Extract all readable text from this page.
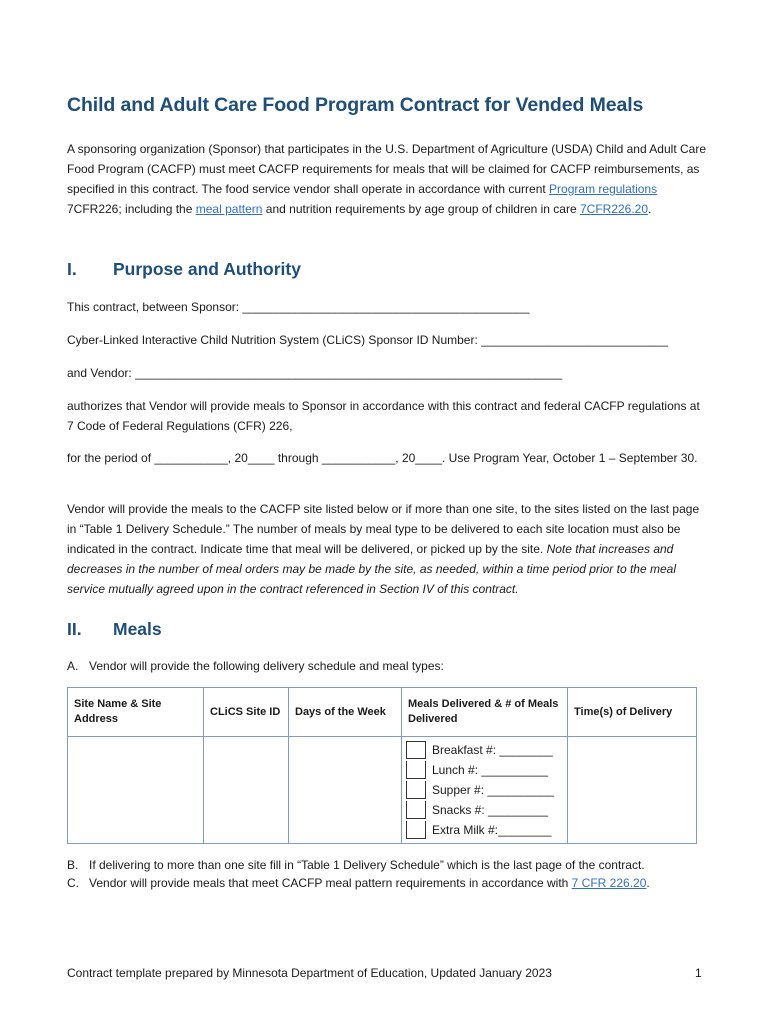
Child and Adult Care Food Program Contract for Vended Meals

A sponsoring organization (Sponsor) that participates in the U.S. Department of Agriculture (USDA) Child and Adult Care Food Program (CACFP) must meet CACFP requirements for meals that will be claimed for CACFP reimbursements, as specified in this contract. The food service vendor shall operate in accordance with current Program regulations 7CFR226; including the meal pattern and nutrition requirements by age group of children in care 7CFR226.20.

I. Purpose and Authority
This contract, between Sponsor: ___________________________________________
Cyber-Linked Interactive Child Nutrition System (CLiCS) Sponsor ID Number: ____________________________
and Vendor: ________________________________________________________________

authorizes that Vendor will provide meals to Sponsor in accordance with this contract and federal CACFP regulations at 7 Code of Federal Regulations (CFR) 226,

for the period of ___________, 20____ through ___________, 20____. Use Program Year, October 1 – September 30.

Vendor will provide the meals to the CACFP site listed below or if more than one site, to the sites listed on the last page in “Table 1 Delivery Schedule.” The number of meals by meal type to be delivered to each site location must also be indicated in the contract. Indicate time that meal will be delivered, or picked up by the site. Note that increases and decreases in the number of meal orders may be made by the site, as needed, within a time period prior to the meal service mutually agreed upon in the contract referenced in Section IV of this contract.

II. Meals
A. Vendor will provide the following delivery schedule and meal types:
Site Name & Site Address	CLiCS Site ID	Days of the Week	Meals Delivered & # of Meals Delivered	Time(s) of Delivery

			Breakfast #: ________
Lunch #: __________
Supper #: __________
Snacks #: _________
Extra Milk #:________	

B. If delivering to more than one site fill in “Table 1 Delivery Schedule” which is the last page of the contract.
C. Vendor will provide meals that meet CACFP meal pattern requirements in accordance with 7 CFR 226.20.
Contract template prepared by Minnesota Department of Education, Updated January 2023	1
